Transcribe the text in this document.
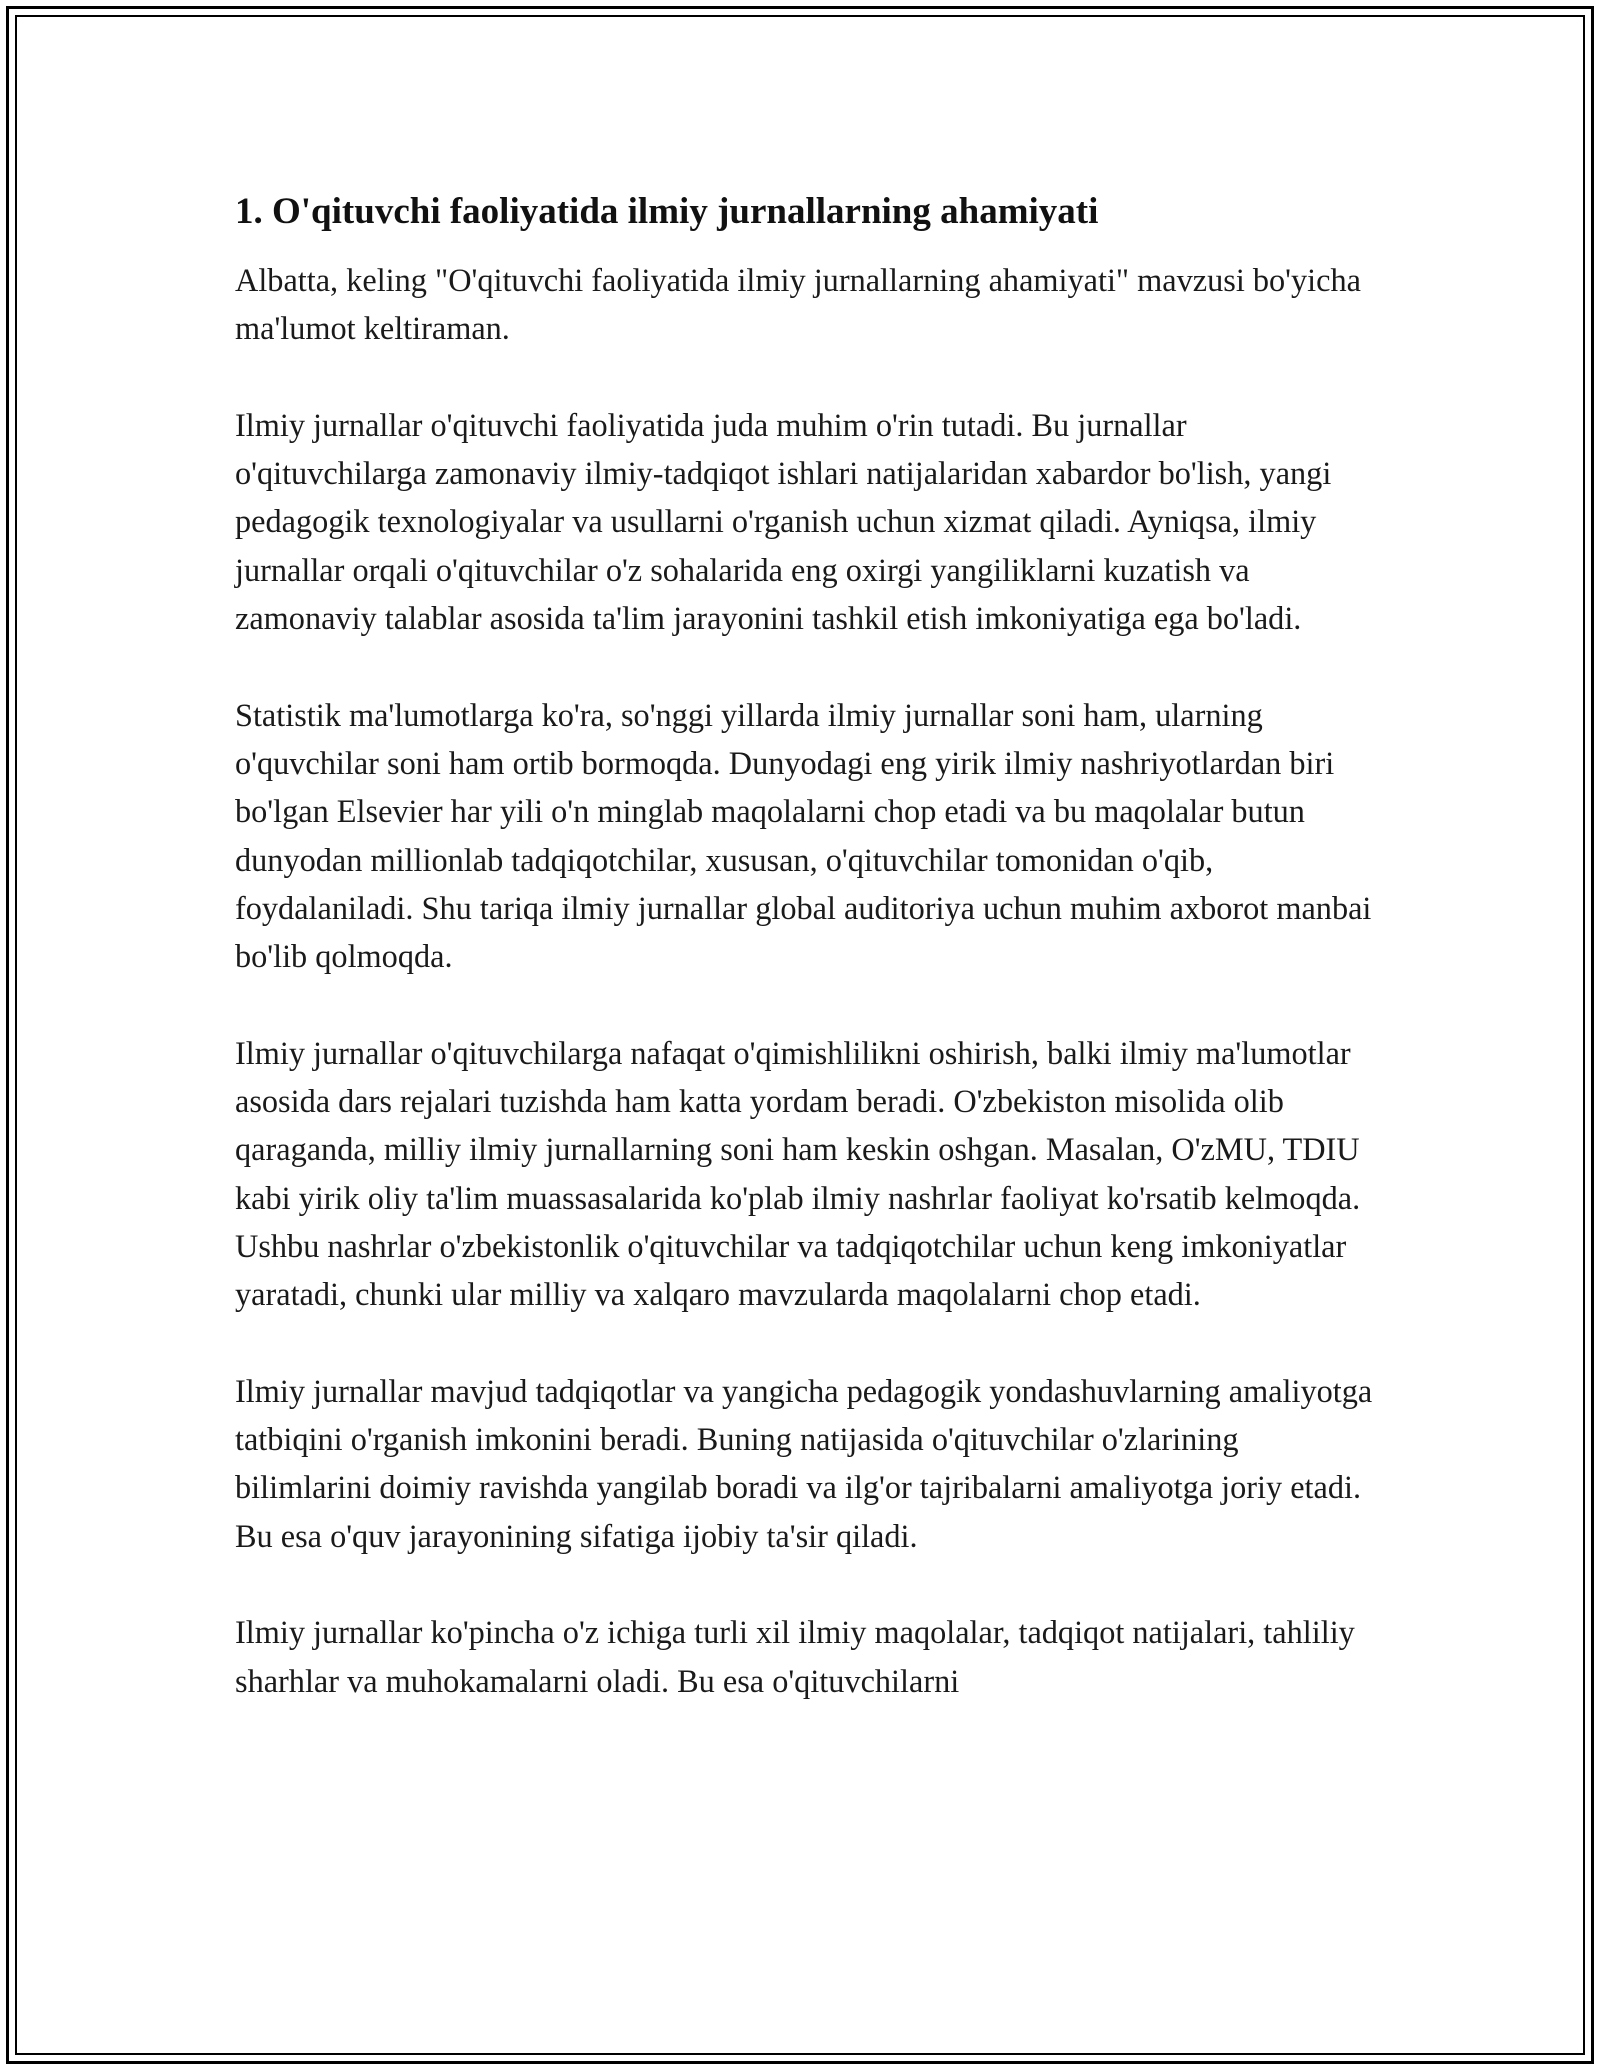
1. O'qituvchi faoliyatida ilmiy jurnallarning ahamiyati

Albatta, keling "O'qituvchi faoliyatida ilmiy jurnallarning ahamiyati" mavzusi bo'yicha ma'lumot keltiraman.

Ilmiy jurnallar o'qituvchi faoliyatida juda muhim o'rin tutadi. Bu jurnallar o'qituvchilarga zamonaviy ilmiy-tadqiqot ishlari natijalaridan xabardor bo'lish, yangi pedagogik texnologiyalar va usullarni o'rganish uchun xizmat qiladi. Ayniqsa, ilmiy jurnallar orqali o'qituvchilar o'z sohalarida eng oxirgi yangiliklarni kuzatish va zamonaviy talablar asosida ta'lim jarayonini tashkil etish imkoniyatiga ega bo'ladi.

Statistik ma'lumotlarga ko'ra, so'nggi yillarda ilmiy jurnallar soni ham, ularning o'quvchilar soni ham ortib bormoqda. Dunyodagi eng yirik ilmiy nashriyotlardan biri bo'lgan Elsevier har yili o'n minglab maqolalarni chop etadi va bu maqolalar butun dunyodan millionlab tadqiqotchilar, xususan, o'qituvchilar tomonidan o'qib, foydalaniladi. Shu tariqa ilmiy jurnallar global auditoriya uchun muhim axborot manbai bo'lib qolmoqda.

Ilmiy jurnallar o'qituvchilarga nafaqat o'qimishlilikni oshirish, balki ilmiy ma'lumotlar asosida dars rejalari tuzishda ham katta yordam beradi. O'zbekiston misolida olib qaraganda, milliy ilmiy jurnallarning soni ham keskin oshgan. Masalan, O'zMU, TDIU kabi yirik oliy ta'lim muassasalarida ko'plab ilmiy nashrlar faoliyat ko'rsatib kelmoqda. Ushbu nashrlar o'zbekistonlik o'qituvchilar va tadqiqotchilar uchun keng imkoniyatlar yaratadi, chunki ular milliy va xalqaro mavzularda maqolalarni chop etadi.

Ilmiy jurnallar mavjud tadqiqotlar va yangicha pedagogik yondashuvlarning amaliyotga tatbiqini o'rganish imkonini beradi. Buning natijasida o'qituvchilar o'zlarining bilimlarini doimiy ravishda yangilab boradi va ilg'or tajribalarni amaliyotga joriy etadi. Bu esa o'quv jarayonining sifatiga ijobiy ta'sir qiladi.

Ilmiy jurnallar ko'pincha o'z ichiga turli xil ilmiy maqolalar, tadqiqot natijalari, tahliliy sharhlar va muhokamalarni oladi. Bu esa o'qituvchilarni
